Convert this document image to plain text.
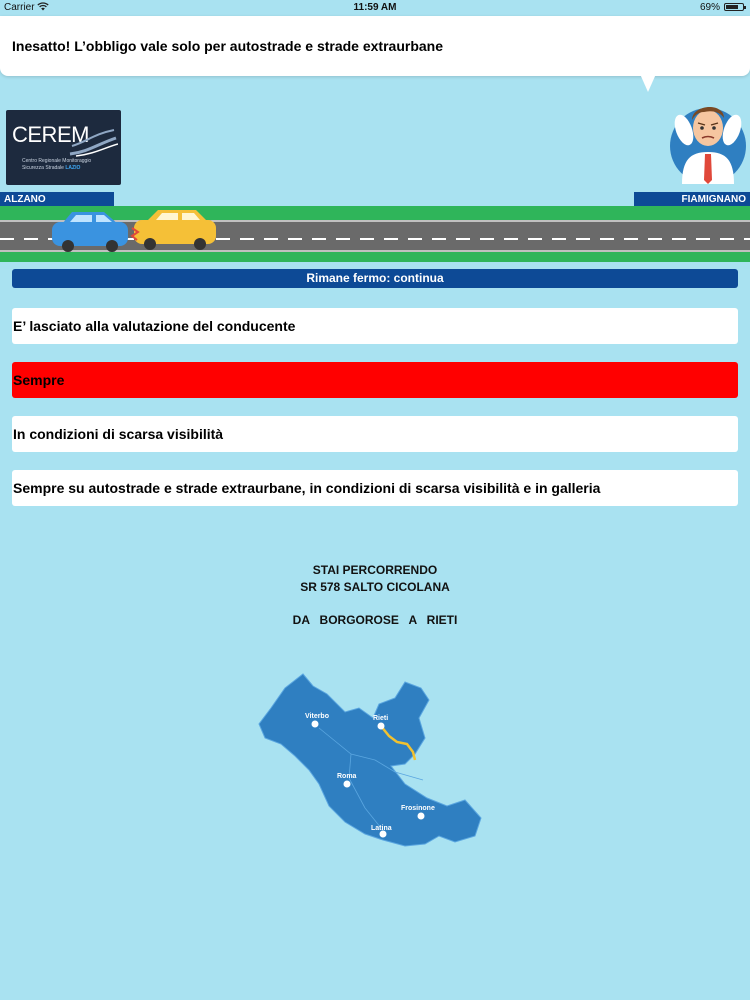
Carrier	11:59 AM	69%
Inesatto! L’obbligo vale solo per autostrade e strade extraurbane
CEREM
Centro Regionale Monitoraggio
Sicurezza Stradale LAZIO
ALZANO	FIAMIGNANO
Rimane fermo: continua
E’ lasciato alla valutazione del conducente
Sempre
In condizioni di scarsa visibilità
Sempre su autostrade e strade extraurbane, in condizioni di scarsa visibilità e in galleria
STAI PERCORRENDO
SR 578 SALTO CICOLANA
DA   BORGOROSE   A   RIETI
Viterbo	Rieti
Roma
Frosinone
Latina
